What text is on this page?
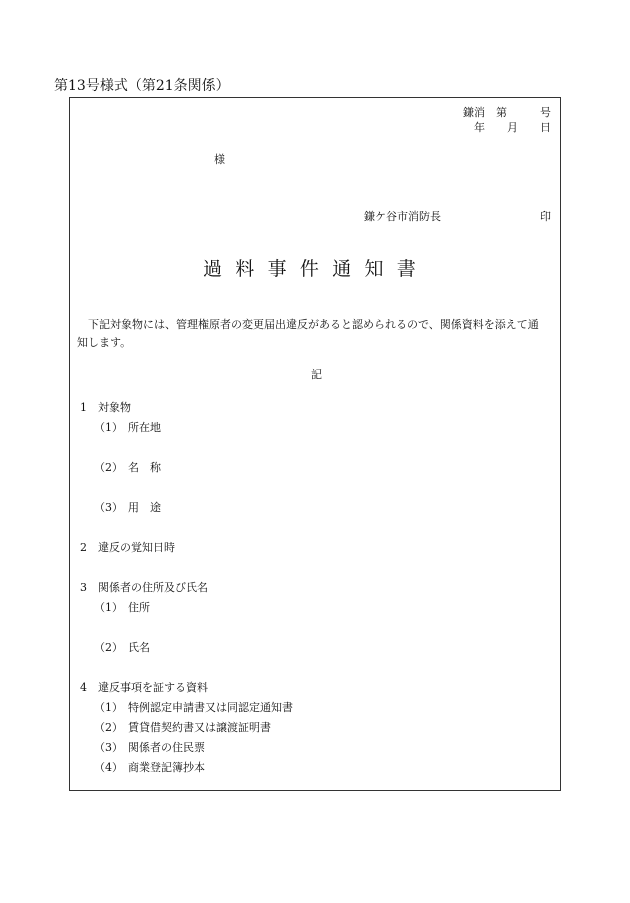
第13号様式（第21条関係）
鎌消　第　　　号
年　　月　　日
様
鎌ケ谷市消防長	印
過料事件通知書
下記対象物には、管理権原者の変更届出違反があると認められるので、関係資料を添えて通
知します。
記
1　対象物
（1） 所在地
（2） 名　称
（3） 用　途
2　違反の覚知日時
3　関係者の住所及び氏名
（1） 住所
（2） 氏名
4　違反事項を証する資料
（1） 特例認定申請書又は同認定通知書
（2） 賃貸借契約書又は譲渡証明書
（3） 関係者の住民票
（4） 商業登記簿抄本
